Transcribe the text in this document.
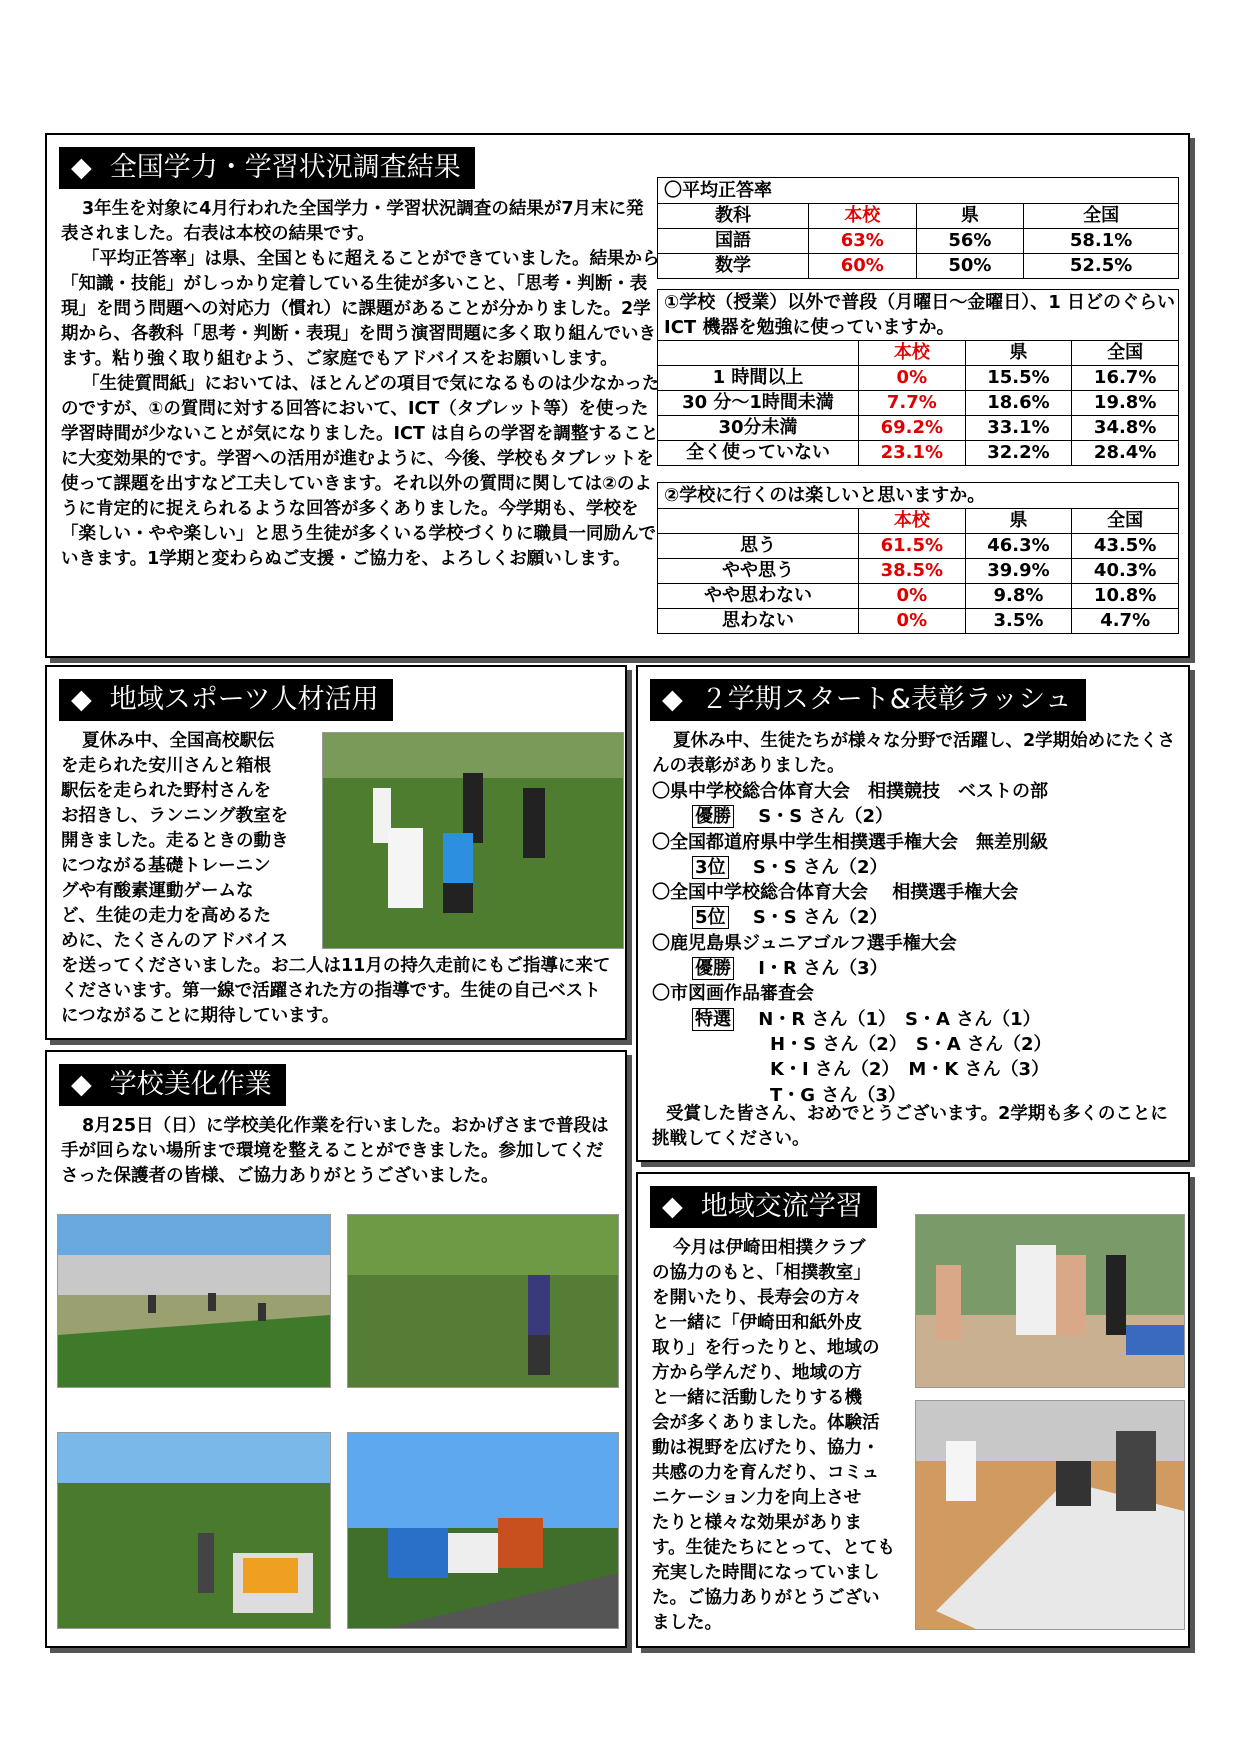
◆ 全国学力・学習状況調査結果

3年生を対象に4月行われた全国学力・学習状況調査の結果が7月末に発表されました。右表は本校の結果です。

「平均正答率」は県、全国ともに超えることができていました。結果から「知識・技能」がしっかり定着している生徒が多いこと、「思考・判断・表現」を問う問題への対応力（慣れ）に課題があることが分かりました。2学期から、各教科「思考・判断・表現」を問う演習問題に多く取り組んでいきます。粘り強く取り組むよう、ご家庭でもアドバイスをお願いします。

「生徒質問紙」においては、ほとんどの項目で気になるものは少なかったのですが、①の質問に対する回答において、ICT（タブレット等）を使った学習時間が少ないことが気になりました。ICT は自らの学習を調整することに大変効果的です。学習への活用が進むように、今後、学校もタブレットを使って課題を出すなど工夫していきます。それ以外の質問に関しては②のように肯定的に捉えられるような回答が多くありました。今学期も、学校を「楽しい・やや楽しい」と思う生徒が多くいる学校づくりに職員一同励んでいきます。1学期と変わらぬご支援・ご協力を、よろしくお願いします。

〇平均正答率			
教科	本校	県	全国
国語	63%	56%	58.1%
数学	60%	50%	52.5%
①学校（授業）以外で普段（月曜日～金曜日）、1 日どのぐらい ICT 機器を勉強に使っていますか。			
	本校	県	全国
1 時間以上	0%	15.5%	16.7%
30 分～1時間未満	7.7%	18.6%	19.8%
30分未満	69.2%	33.1%	34.8%
全く使っていない	23.1%	32.2%	28.4%
②学校に行くのは楽しいと思いますか。			
	本校	県	全国
思う	61.5%	46.3%	43.5%
やや思う	38.5%	39.9%	40.3%
やや思わない	0%	9.8%	10.8%
思わない	0%	3.5%	4.7%
◆ 地域スポーツ人材活用

夏休み中、全国高校駅伝

を走られた安川さんと箱根

駅伝を走られた野村さんを

お招きし、ランニング教室を

開きました。走るときの動き

につながる基礎トレーニン

グや有酸素運動ゲームな

ど、生徒の走力を高めるた

めに、たくさんのアドバイス

を送ってくださいました。お二人は11月の持久走前にもご指導に来てくださいます。第一線で活躍された方の指導です。生徒の自己ベストにつながることに期待しています。

◆ ２学期スタート&表彰ラッシュ

夏休み中、生徒たちが様々な分野で活躍し、2学期始めにたくさんの表彰がありました。

〇県中学校総合体育大会　相撲競技　ベストの部
優勝　 S・S さん（2）
〇全国都道府県中学生相撲選手権大会　無差別級
3位　 S・S さん（2）
〇全国中学校総合体育大会　 相撲選手権大会
5位　 S・S さん（2）
〇鹿児島県ジュニアゴルフ選手権大会
優勝　 I・R さん（3）
〇市図画作品審査会
特選　 N・R さん（1）　S・A さん（1）
H・S さん（2）　S・A さん（2）
K・I さん（2）　M・K さん（3）
T・G さん（3）

受賞した皆さん、おめでとうございます。2学期も多くのことに挑戦してください。

◆ 学校美化作業

8月25日（日）に学校美化作業を行いました。おかげさまで普段は手が回らない場所まで環境を整えることができました。参加してくださった保護者の皆様、ご協力ありがとうございました。

◆ 地域交流学習

今月は伊崎田相撲クラブ

の協力のもと、「相撲教室」

を開いたり、長寿会の方々

と一緒に「伊崎田和紙外皮

取り」を行ったりと、地域の

方から学んだり、地域の方

と一緒に活動したりする機

会が多くありました。体験活

動は視野を広げたり、協力・

共感の力を育んだり、コミュ

ニケーション力を向上させ

たりと様々な効果がありま

す。生徒たちにとって、とても

充実した時間になっていまし

た。ご協力ありがとうござい

ました。
